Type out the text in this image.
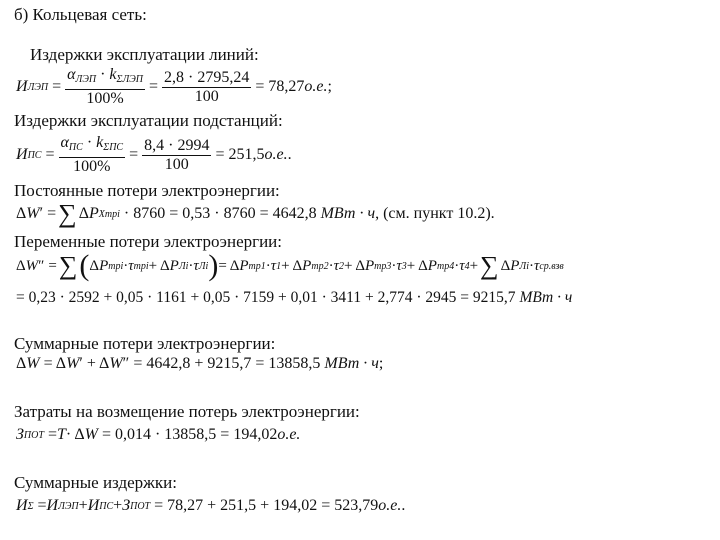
б) Кольцевая сеть:
Издержки эксплуатации линий:
И ЛЭП = $\frac{\alpha_{ЛЭП} \cdot k_{\Sigma ЛЭП}}{100\%} = \frac{2,8 \cdot 2795,24}{100} = 78,27$ о.е. ;
Издержки эксплуатации подстанций:
И ПС = $\frac{\alpha_{ПС} \cdot k_{\Sigma ПС}}{100\%} = \frac{8,4 \cdot 2994}{100} = 251,5$ о.е. .
Постоянные потери электроэнергии:
Δ W ′ = ∑ Δ P Xтрi · 8760 = 0,53 · 8760 = 4642,8 МВт · ч , (см. пункт 10.2).
Переменные потери электроэнергии:
Δ W ″ = ∑ ( Δ P трi · τ трi + Δ P Лi · τ Лi ) = Δ P тр1 · τ 1 + Δ P тр2 · τ 2 + Δ P тр3 · τ 3 + Δ P тр4 · τ 4 + ∑ Δ P Лi · τ ср.взв
= 0,23 · 2592 + 0,05 · 1161 + 0,05 · 7159 + 0,01 · 3411 + 2,774 · 2945 = 9215,7 МВт · ч
Суммарные потери электроэнергии:
Δ W = Δ W ′ + Δ W ″ = 4642,8 + 9215,7 = 13858,5 МВт · ч ;
Затраты на возмещение потерь электроэнергии:
З ПОТ = T · Δ W = 0,014 · 13858,5 = 194,02 о.е.
Суммарные издержки:
И Σ = И ЛЭП + И ПС + З ПОТ = 78,27 + 251,5 + 194,02 = 523,79 о.е. .
